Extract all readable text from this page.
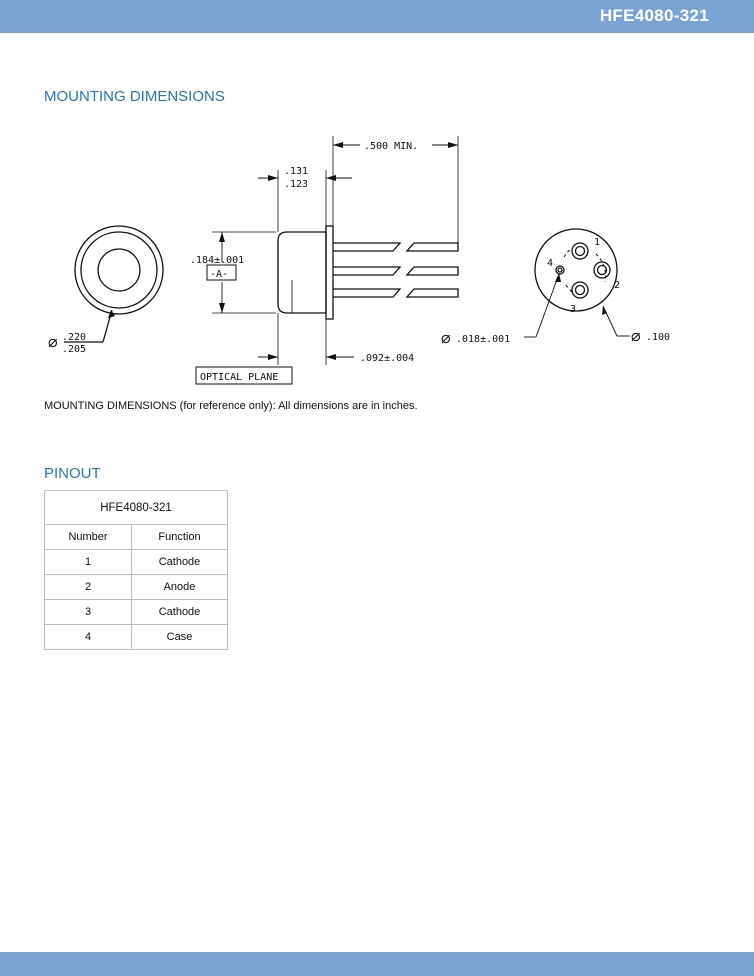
HFE4080-321
MOUNTING DIMENSIONS
∅ .220
.205
.500 MIN.
.131
.123
.184±.001
-A-
OPTICAL PLANE
.092±.004
1
2
3
4
∅ .018±.001	∅ .100
MOUNTING DIMENSIONS (for reference only): All dimensions are in inches.
PINOUT
HFE4080-321	
Number	Function
1	Cathode
2	Anode
3	Cathode
4	Case
